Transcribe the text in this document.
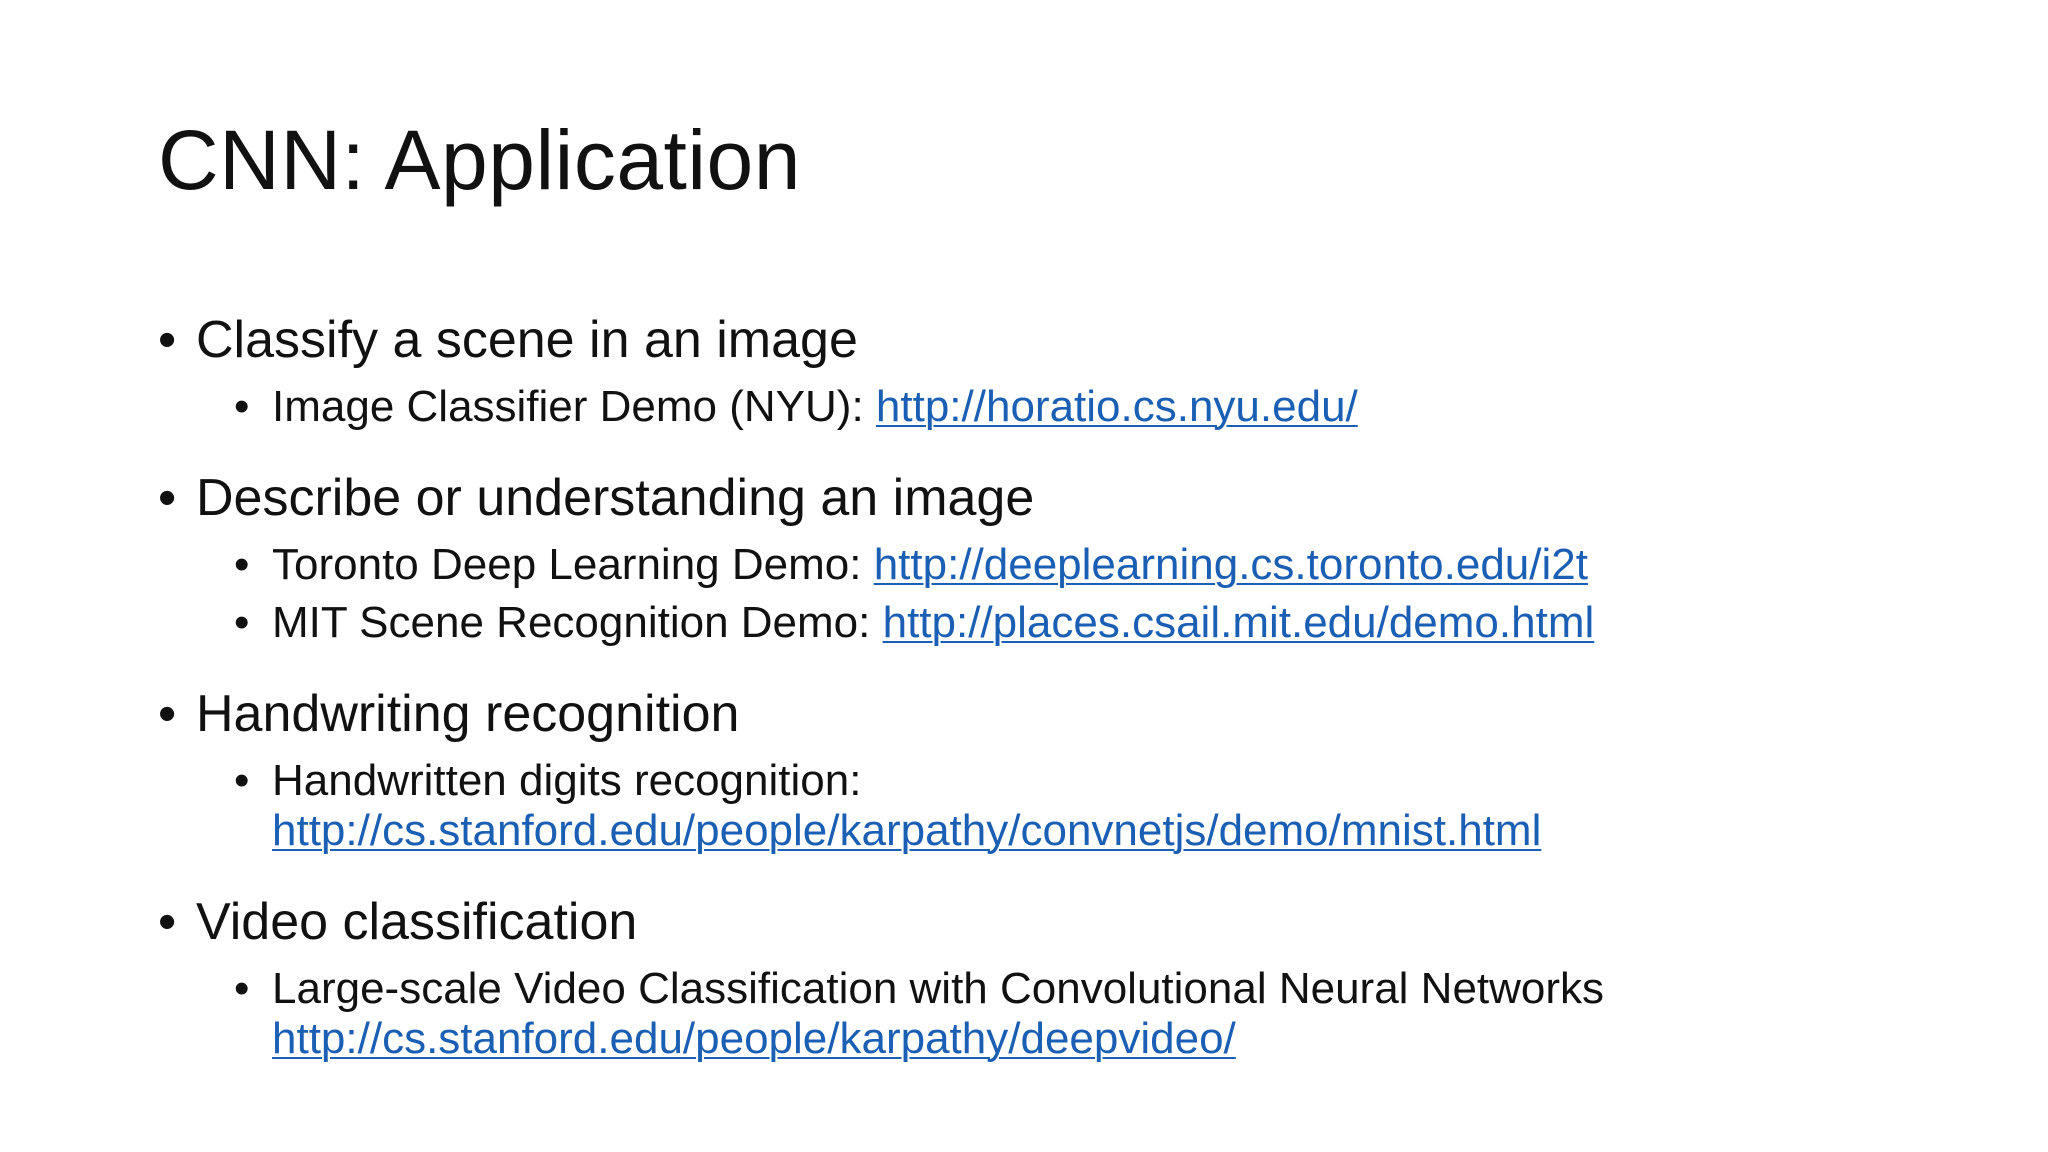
CNN: Application
• Classify a scene in an image
• Image Classifier Demo (NYU): http://horatio.cs.nyu.edu/
• Describe or understanding an image
• Toronto Deep Learning Demo: http://deeplearning.cs.toronto.edu/i2t
• MIT Scene Recognition Demo: http://places.csail.mit.edu/demo.html
• Handwriting recognition
• Handwritten digits recognition:
http://cs.stanford.edu/people/karpathy/convnetjs/demo/mnist.html
• Video classification
• Large-scale Video Classification with Convolutional Neural Networks
http://cs.stanford.edu/people/karpathy/deepvideo/
